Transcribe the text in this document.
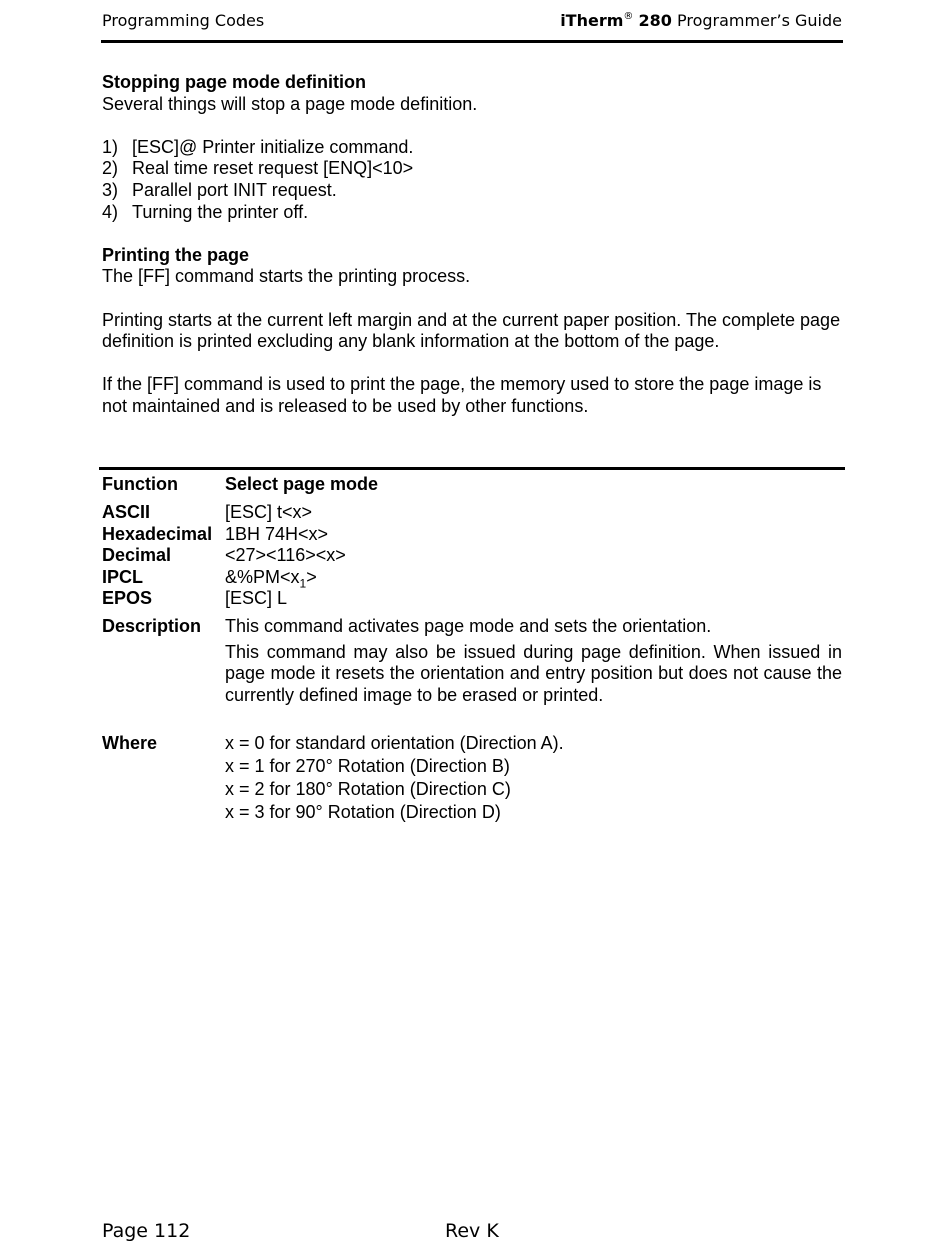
Programming Codes	iTherm® 280 Programmer’s Guide
Stopping page mode definition
Several things will stop a page mode definition.
1) [ESC]@ Printer initialize command.
2) Real time reset request [ENQ]<10>
3) Parallel port INIT request.
4) Turning the printer off.
Printing the page
The [FF] command starts the printing process.
Printing starts at the current left margin and at the current paper position. The complete page definition is printed excluding any blank information at the bottom of the page.
If the [FF] command is used to print the page, the memory used to store the page image is not maintained and is released to be used by other functions.
Function	Select page mode
ASCII	[ESC] t<x>
Hexadecimal 1BH 74H<x>
Decimal	<27><116><x>
IPCL	$\&\%PM<x_1>$
EPOS	[ESC] L
Description This command activates page mode and sets the orientation.
This command may also be issued during page definition. When issued in page mode it resets the orientation and entry position but does not cause the currently defined image to be erased or printed.
Where	x = 0 for standard orientation (Direction A).
x = 1 for 270° Rotation (Direction B)
x = 2 for 180° Rotation (Direction C)
x = 3 for 90° Rotation (Direction D)
Page 112	Rev K
